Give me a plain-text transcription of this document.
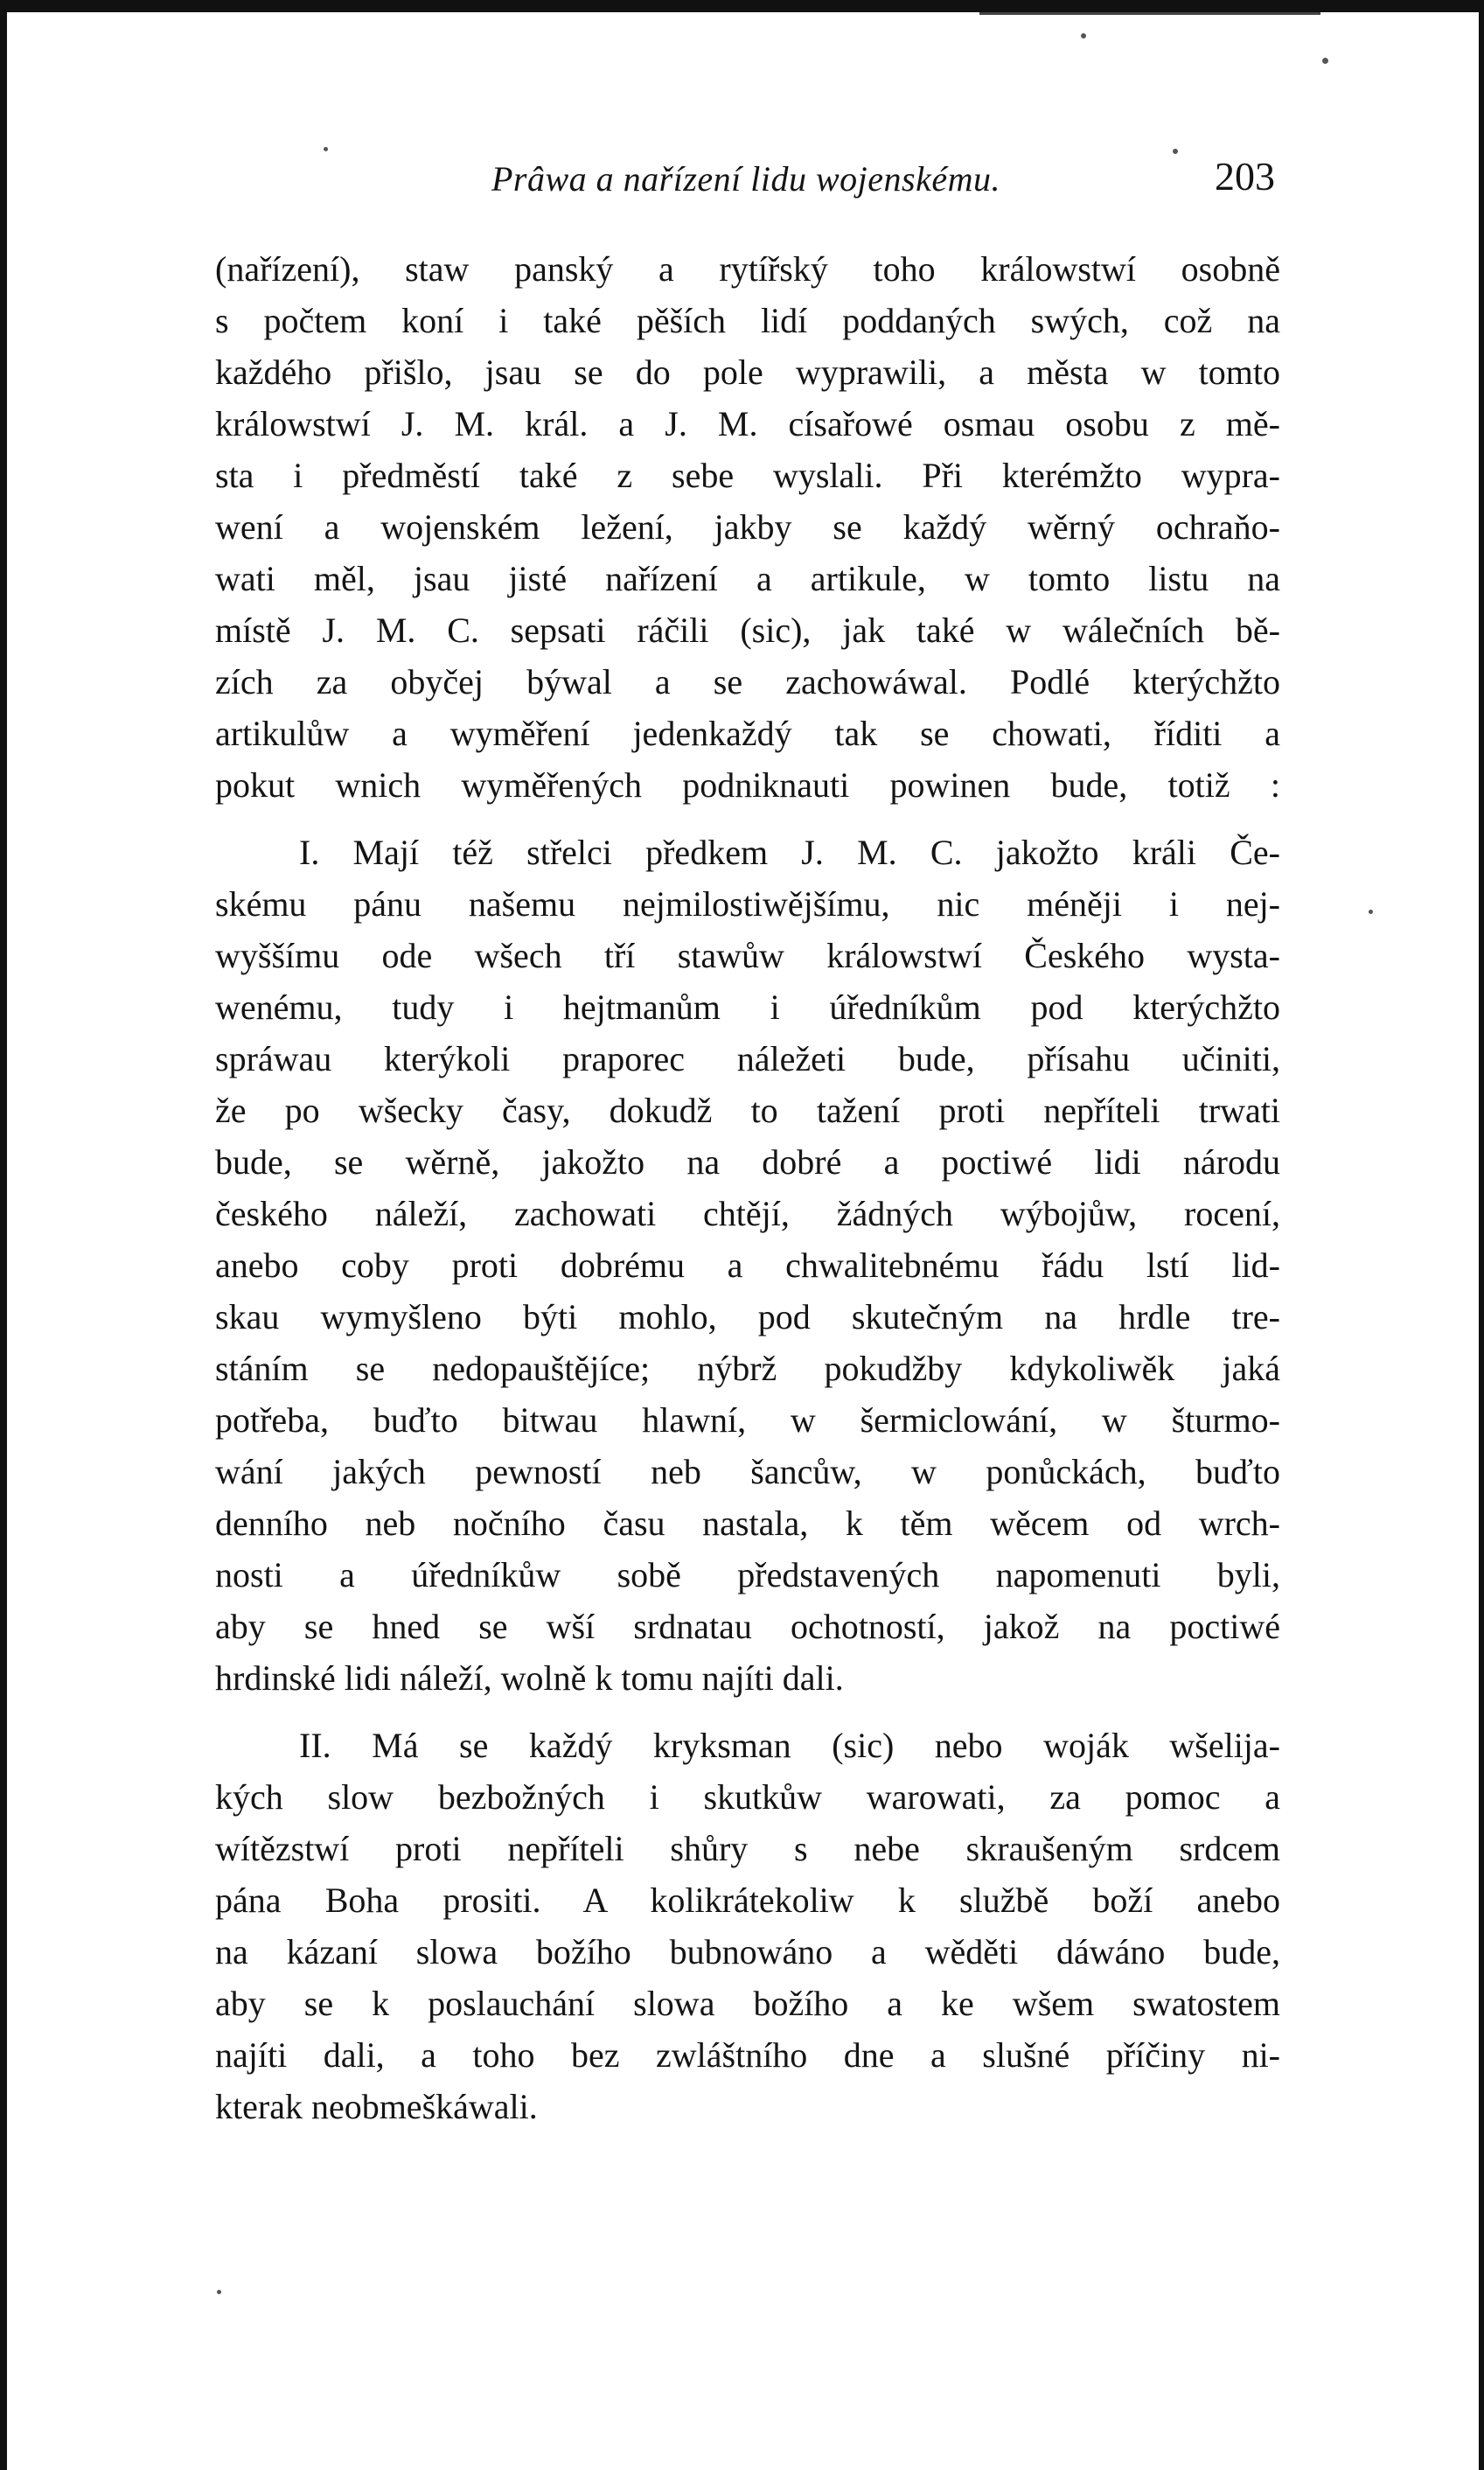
Prâwa a nařízení lidu wojenskému.	203
(nařízení), staw panský a rytířský toho králowstwí osobně
s počtem koní i také pěších lidí poddaných swých, což na
každého přišlo, jsau se do pole wyprawili, a města w tomto
králowstwí J. M. král. a J. M. císařowé osmau osobu z mě-
sta i předměstí také z sebe wyslali. Při kterémžto wypra-
wení a wojenském ležení, jakby se každý wěrný ochraňo-
wati měl, jsau jisté nařízení a artikule, w tomto listu na
místě J. M. C. sepsati ráčili (sic), jak také w wálečních bě-
zích za obyčej býwal a se zachowáwal. Podlé kterýchžto
artikulůw a wyměření jedenkaždý tak se chowati, říditi a
pokut wnich wyměřených podniknauti powinen bude, totiž :
I. Mají též střelci předkem J. M. C. jakožto králi Če-
skému pánu našemu nejmilostiwějšímu, nic méněji i nej-
wyššímu ode wšech tří stawůw králowstwí Českého wysta-
wenému, tudy i hejtmanům i úředníkům pod kterýchžto
spráwau kterýkoli praporec náležeti bude, přísahu učiniti,
že po wšecky časy, dokudž to tažení proti nepříteli trwati
bude, se wěrně, jakožto na dobré a poctiwé lidi národu
českého náleží, zachowati chtějí, žádných wýbojůw, rocení,
anebo coby proti dobrému a chwalitebnému řádu lstí lid-
skau wymyšleno býti mohlo, pod skutečným na hrdle tre-
stáním se nedopauštějíce; nýbrž pokudžby kdykoliwěk jaká
potřeba, buďto bitwau hlawní, w šermiclowání, w šturmo-
wání jakých pewností neb šancůw, w ponůckách, buďto
denního neb nočního času nastala, k těm wěcem od wrch-
nosti a úředníkůw sobě představených napomenuti byli,
aby se hned se wší srdnatau ochotností, jakož na poctiwé
hrdinské lidi náleží, wolně k tomu najíti dali.
II. Má se každý kryksman (sic) nebo woják wšelija-
kých slow bezbožných i skutkůw warowati, za pomoc a
wítězstwí proti nepříteli shůry s nebe skraušeným srdcem
pána Boha prositi. A kolikrátekoliw k službě boží anebo
na kázaní slowa božího bubnowáno a wěděti dáwáno bude,
aby se k poslauchání slowa božího a ke wšem swatostem
najíti dali, a toho bez zwláštního dne a slušné příčiny ni-
kterak neobmeškáwali.
